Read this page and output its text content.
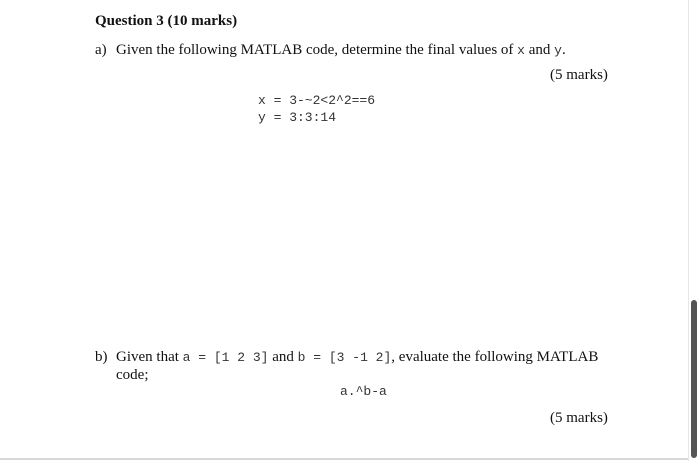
Question 3 (10 marks)
a) Given the following MATLAB code, determine the final values of x and y.
(5 marks)
x = 3-~2<2^2==6
y = 3:3:14
b) Given that a = [1 2 3] and b = [3 -1 2], evaluate the following MATLAB
code;
a.^b-a
(5 marks)
